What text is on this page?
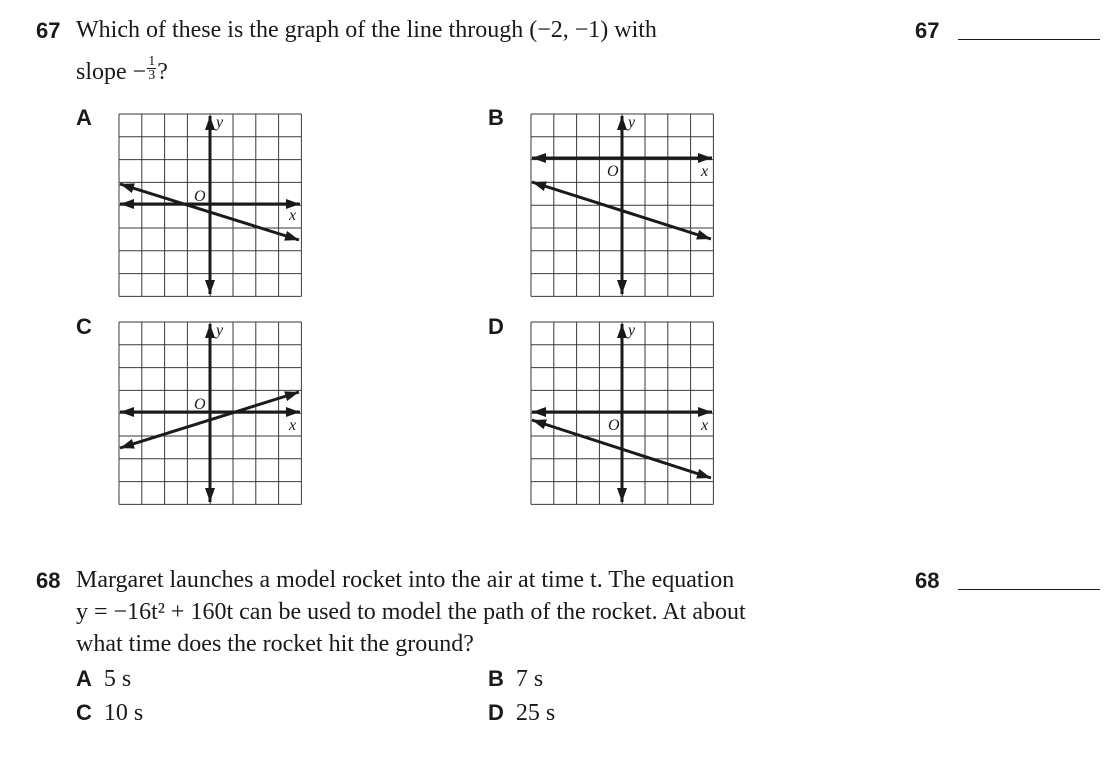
67 Which of these is the graph of the line through (−2, −1) with
slope − $\frac{1}{3}$ ?
67
A	B
C	D
y
O
x
y
O	x
y
O
x
y
O	x
68 Margaret launches a model rocket into the air at time t. The equation
y = −16t² + 160t can be used to model the path of the rocket. At about
what time does the rocket hit the ground?
68
A 5 s	B 7 s
C 10 s	D 25 s
